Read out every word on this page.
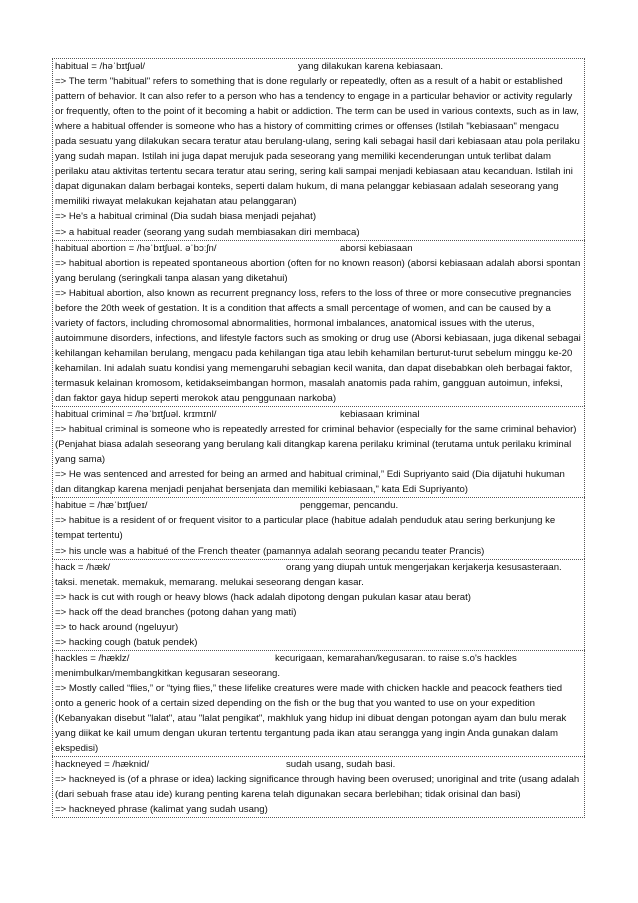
habitual = /həˈbɪtʃuəl/	yang dilakukan karena kebiasaan.
=> The term "habitual" refers to something that is done regularly or repeatedly, often as a result of a habit or established pattern of behavior. It can also refer to a person who has a tendency to engage in a particular behavior or activity regularly or frequently, often to the point of it becoming a habit or addiction. The term can be used in various contexts, such as in law, where a habitual offender is someone who has a history of committing crimes or offenses (Istilah "kebiasaan" mengacu pada sesuatu yang dilakukan secara teratur atau berulang-ulang, sering kali sebagai hasil dari kebiasaan atau pola perilaku yang sudah mapan. Istilah ini juga dapat merujuk pada seseorang yang memiliki kecenderungan untuk terlibat dalam perilaku atau aktivitas tertentu secara teratur atau sering, sering kali sampai menjadi kebiasaan atau kecanduan. Istilah ini dapat digunakan dalam berbagai konteks, seperti dalam hukum, di mana pelanggar kebiasaan adalah seseorang yang memiliki riwayat melakukan kejahatan atau pelanggaran)
=> He's a habitual criminal (Dia sudah biasa menjadi pejahat)
=> a habitual reader (seorang yang sudah membiasakan diri membaca)
habitual abortion = /həˈbɪtʃuəl. əˈbɔːʃn/	aborsi kebiasaan
=> habitual abortion is repeated spontaneous abortion (often for no known reason) (aborsi kebiasaan adalah aborsi spontan yang berulang (seringkali tanpa alasan yang diketahui)
=> Habitual abortion, also known as recurrent pregnancy loss, refers to the loss of three or more consecutive pregnancies before the 20th week of gestation. It is a condition that affects a small percentage of women, and can be caused by a variety of factors, including chromosomal abnormalities, hormonal imbalances, anatomical issues with the uterus, autoimmune disorders, infections, and lifestyle factors such as smoking or drug use (Aborsi kebiasaan, juga dikenal sebagai kehilangan kehamilan berulang, mengacu pada kehilangan tiga atau lebih kehamilan berturut-turut sebelum minggu ke-20 kehamilan. Ini adalah suatu kondisi yang memengaruhi sebagian kecil wanita, dan dapat disebabkan oleh berbagai faktor, termasuk kelainan kromosom, ketidakseimbangan hormon, masalah anatomis pada rahim, gangguan autoimun, infeksi, dan faktor gaya hidup seperti merokok atau penggunaan narkoba)
habitual criminal = /həˈbɪtʃuəl. krɪmɪnl/	kebiasaan kriminal
=> habitual criminal is someone who is repeatedly arrested for criminal behavior (especially for the same criminal behavior) (Penjahat biasa adalah seseorang yang berulang kali ditangkap karena perilaku kriminal (terutama untuk perilaku kriminal yang sama)
=> He was sentenced and arrested for being an armed and habitual criminal,” Edi Supriyanto said (Dia dijatuhi hukuman dan ditangkap karena menjadi penjahat bersenjata dan memiliki kebiasaan," kata Edi Supriyanto)
habitue = /hæˈbɪtʃueɪ/	penggemar, pencandu.
=> habitue is a resident of or frequent visitor to a particular place (habitue adalah penduduk atau sering berkunjung ke tempat tertentu)
=> his uncle was a habitué of the French theater (pamannya adalah seorang pecandu teater Prancis)
hack = /hæk/	orang yang diupah untuk mengerjakan kerjakerja kesusasteraan.
taksi. menetak. memakuk, memarang. melukai seseorang dengan kasar.
=> hack is cut with rough or heavy blows (hack adalah dipotong dengan pukulan kasar atau berat)
=> hack off the dead branches (potong dahan yang mati)
=> to hack around (ngeluyur)
=> hacking cough (batuk pendek)
hackles = /hæklz/	kecurigaan, kemarahan/kegusaran. to raise s.o's hackles
menimbulkan/membangkitkan kegusaran seseorang.
=> Mostly called “flies,” or “tying flies,” these lifelike creatures were made with chicken hackle and peacock feathers tied onto a generic hook of a certain sized depending on the fish or the bug that you wanted to use on your expedition (Kebanyakan disebut "lalat", atau "lalat pengikat", makhluk yang hidup ini dibuat dengan potongan ayam dan bulu merak yang diikat ke kail umum dengan ukuran tertentu tergantung pada ikan atau serangga yang ingin Anda gunakan dalam ekspedisi)
hackneyed = /hæknid/	sudah usang, sudah basi.
=> hackneyed is (of a phrase or idea) lacking significance through having been overused; unoriginal and trite (usang adalah (dari sebuah frase atau ide) kurang penting karena telah digunakan secara berlebihan; tidak orisinal dan basi)
=> hackneyed phrase (kalimat yang sudah usang)
